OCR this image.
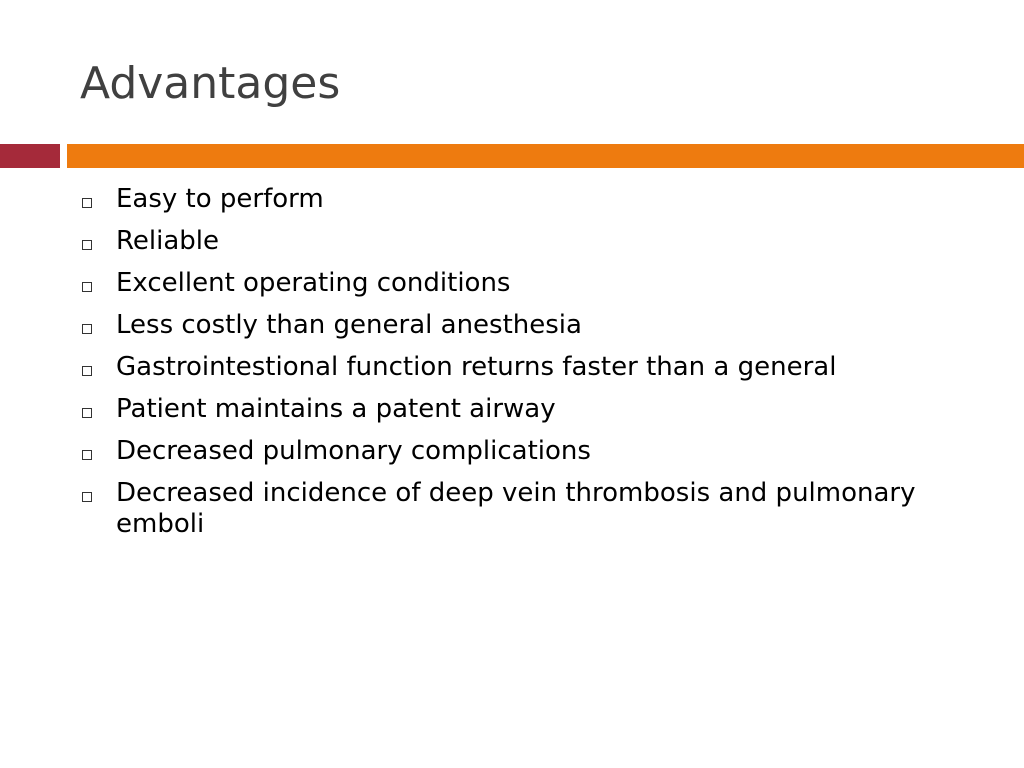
Advantages
Easy to perform
Reliable
Excellent operating conditions
Less costly than general anesthesia
Gastrointestional function returns faster than a general
Patient maintains a patent airway
Decreased pulmonary complications
Decreased incidence of deep vein thrombosis and pulmonary emboli
